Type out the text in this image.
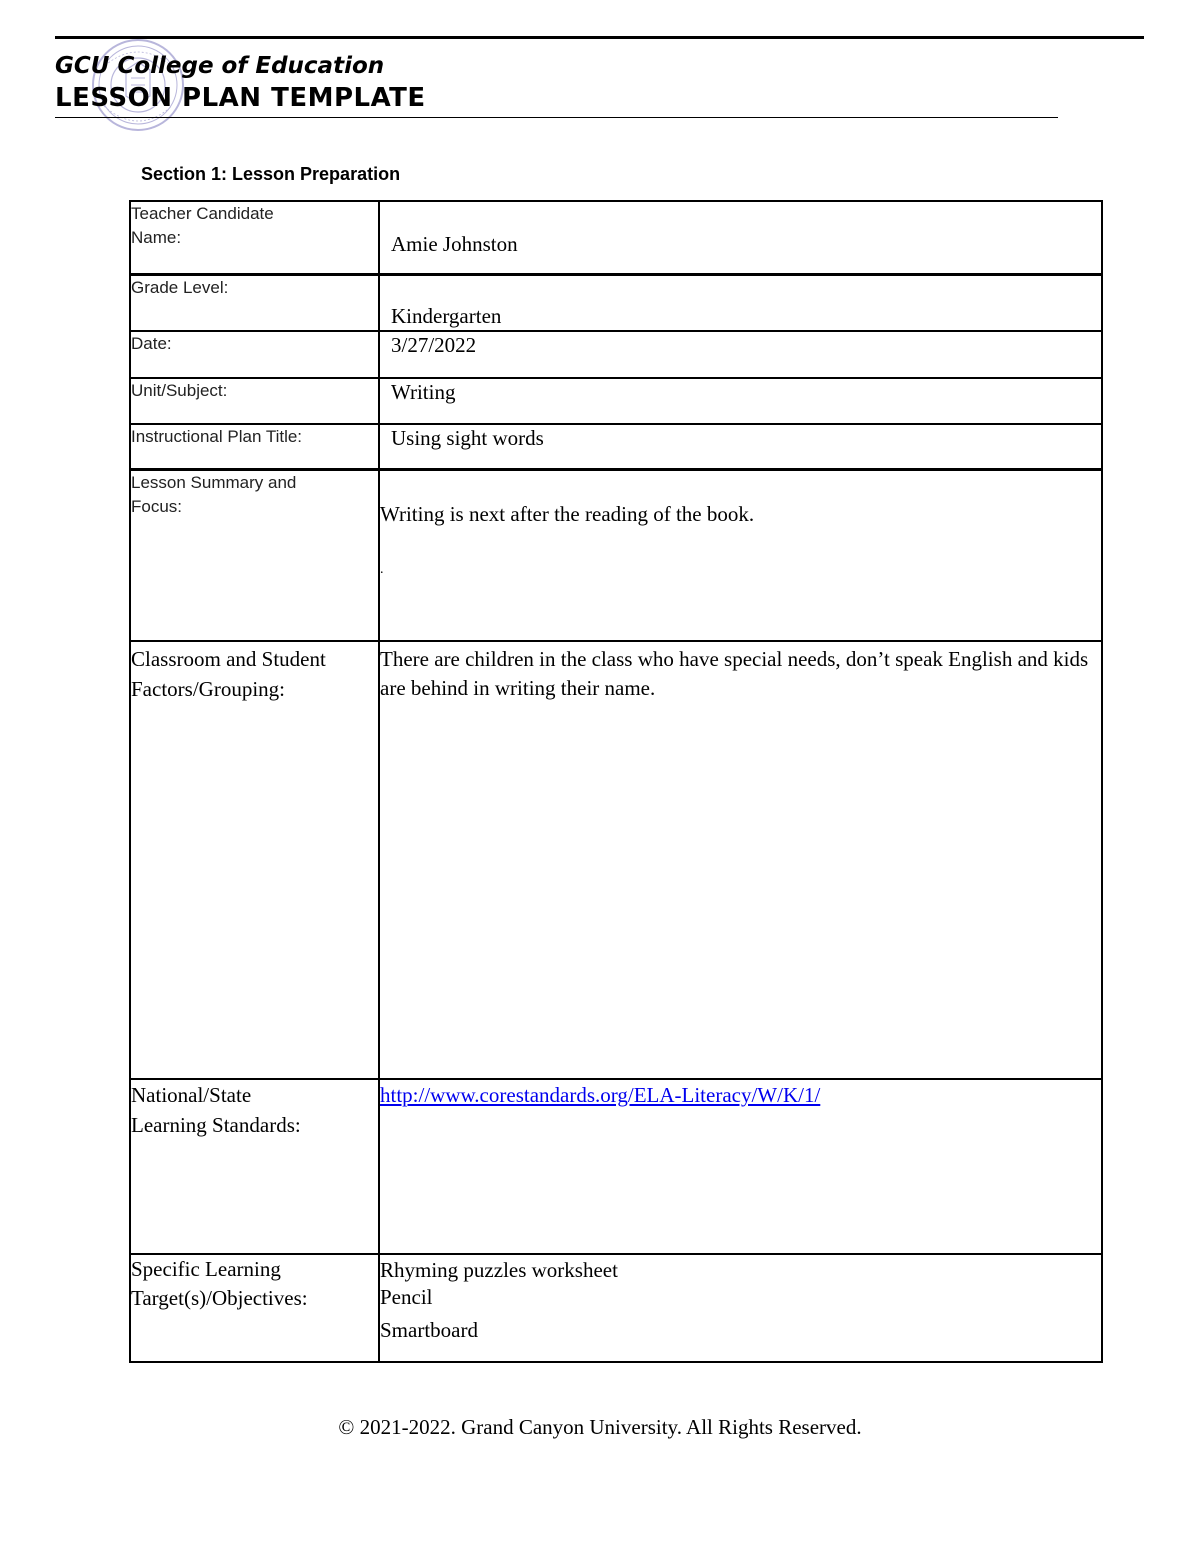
GCU College of Education
LESSON PLAN TEMPLATE
Section 1: Lesson Preparation
Teacher Candidate Name:	Amie Johnston

Grade Level:	Kindergarten

Date:	3/27/2022

Unit/Subject:	Writing

Instructional Plan Title:	Using sight words

Lesson Summary and Focus:	Writing is next after the reading of the book.
.

Classroom and Student Factors/Grouping:	There are children in the class who have special needs, don’t speak English and kids are behind in writing their name.

National/State Learning Standards:	http://www.corestandards.org/ELA-Literacy/W/K/1/

Specific Learning Target(s)/Objectives:	Rhyming puzzles worksheet
Pencil
Smartboard
© 2021-2022. Grand Canyon University. All Rights Reserved.
